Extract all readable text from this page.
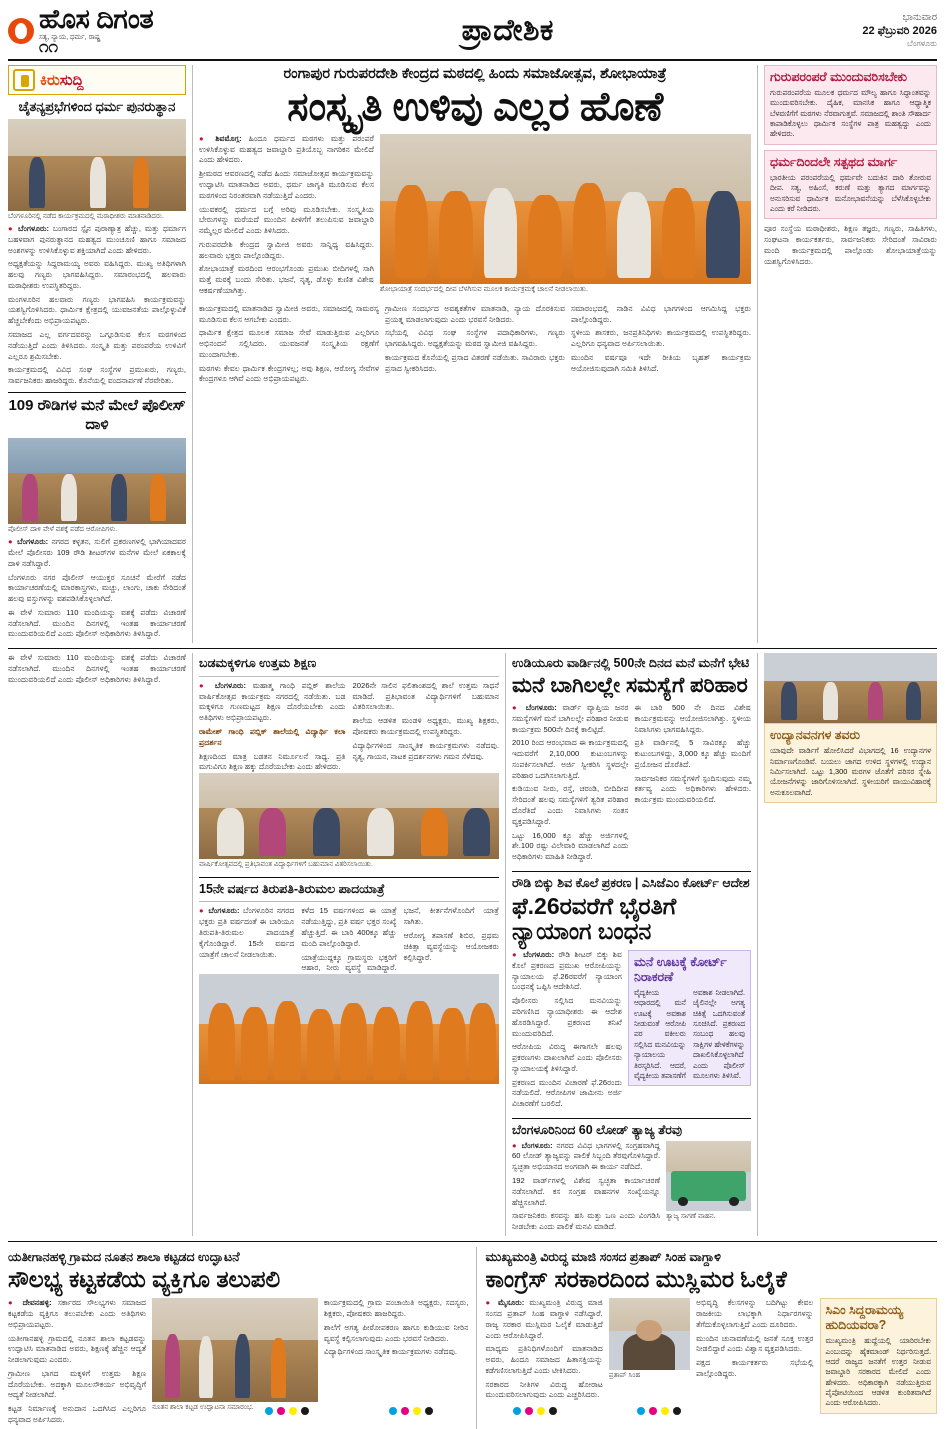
ಹೊಸ ದಿಗಂತ
ಸತ್ಯ, ನ್ಯಾಯ, ಧರ್ಮ, ರಾಷ್ಟ್ರ
೧೧	ಪ್ರಾದೇಶಿಕ	ಭಾನುವಾರ
22 ಫೆಬ್ರುವರಿ 2026
ಬೆಂಗಳೂರು
ಕಿರುಸುದ್ದಿ
ಚೈತನ್ಯಪ್ರಭೆಗಳಿಂದ ಧರ್ಮ ಪುನರುತ್ಥಾನ
ಬೆಂಗಳೂರಿನಲ್ಲಿ ನಡೆದ ಕಾರ್ಯಕ್ರಮದಲ್ಲಿ ಮಠಾಧೀಶರು ಮಾತನಾಡಿದರು.

● ಬೆಂಗಳೂರು: ಬಂಗಾರದ ಸ್ಪೈನ ಪುರಾಣ್ಯಾತ್ರ ಹೆಚ್ಚು, ಮತ್ತು ಧರ್ಮಾಗ ಬಹಳವಾಗ ಪುನರುತ್ಥಾನದ ಮಹತ್ವದ ಮುಂಚೂಣಿ ಹಾಗೂ ಸಮಾಜದ ಅಂಶಗಳನ್ನು ಉಳಿಸಿಕೊಳ್ಳುವ ಶಕ್ತಿಯಾಗಿದೆ ಎಂದು ಹೇಳಿದರು.

ಅಧ್ಯಕ್ಷತೆಯನ್ನು ಸಿದ್ದರಾಮಯ್ಯ ಅವರು ವಹಿಸಿದ್ದರು. ಮುಖ್ಯ ಅತಿಥಿಗಳಾಗಿ ಹಲವು ಗಣ್ಯರು ಭಾಗವಹಿಸಿದ್ದರು. ಸಮಾರಂಭದಲ್ಲಿ ಹಲವಾರು ಮಠಾಧೀಶರು ಉಪಸ್ಥಿತರಿದ್ದರು.

ಮಂಗಳೂರಿನ ಹಲವಾರು ಗಣ್ಯರು ಭಾಗವಹಿಸಿ ಕಾರ್ಯಕ್ರಮವನ್ನು ಯಶಸ್ವಿಗೊಳಿಸಿದರು. ಧಾರ್ಮಿಕ ಕ್ಷೇತ್ರದಲ್ಲಿ ಯುವಜನತೆಯ ಪಾಲ್ಗೊಳ್ಳುವಿಕೆ ಹೆಚ್ಚಬೇಕೆಂದು ಅಭಿಪ್ರಾಯಪಟ್ಟರು.

ಸಮಾಜದ ಎಲ್ಲ ವರ್ಗದವರನ್ನು ಒಗ್ಗೂಡಿಸುವ ಕೆಲಸ ಮಠಗಳಿಂದ ನಡೆಯುತ್ತಿದೆ ಎಂದು ತಿಳಿಸಿದರು. ಸಂಸ್ಕೃತಿ ಮತ್ತು ಪರಂಪರೆಯ ಉಳಿವಿಗೆ ಎಲ್ಲರೂ ಶ್ರಮಿಸಬೇಕು.

ಕಾರ್ಯಕ್ರಮದಲ್ಲಿ ವಿವಿಧ ಸಂಘ ಸಂಸ್ಥೆಗಳ ಪ್ರಮುಖರು, ಗಣ್ಯರು, ಸಾರ್ವಜನಿಕರು ಹಾಜರಿದ್ದರು. ಕೊನೆಯಲ್ಲಿ ವಂದನಾರ್ಪಣೆ ನೆರವೇರಿತು.

109 ರೌಡಿಗಳ ಮನೆ ಮೇಲೆ ಪೊಲೀಸ್ ದಾಳಿ
ಪೊಲೀಸ್ ದಾಳಿ ವೇಳೆ ವಶಕ್ಕೆ ಪಡೆದ ಆರೋಪಿಗಳು.

● ಬೆಂಗಳೂರು: ನಗರದ ಕಳ್ಳತನ, ಸುಲಿಗೆ ಪ್ರಕರಣಗಳಲ್ಲಿ ಭಾಗಿಯಾದವರ ಮೇಲೆ ಪೊಲೀಸರು 109 ರೌಡಿ ಶೀಟರ್‌ಗಳ ಮನೆಗಳ ಮೇಲೆ ಏಕಕಾಲಕ್ಕೆ ದಾಳಿ ನಡೆಸಿದ್ದಾರೆ.

ಬೆಂಗಳೂರು ನಗರ ಪೊಲೀಸ್ ಆಯುಕ್ತರ ಸೂಚನೆ ಮೇರೆಗೆ ನಡೆದ ಕಾರ್ಯಾಚರಣೆಯಲ್ಲಿ ಮಾರಕಾಸ್ತ್ರಗಳು, ಮಚ್ಚು, ಲಾಂಗು, ಚಾಕು ಸೇರಿದಂತೆ ಹಲವು ವಸ್ತುಗಳನ್ನು ವಶಪಡಿಸಿಕೊಳ್ಳಲಾಗಿದೆ.

ಈ ವೇಳೆ ಸುಮಾರು 110 ಮಂದಿಯನ್ನು ವಶಕ್ಕೆ ಪಡೆದು ವಿಚಾರಣೆ ನಡೆಸಲಾಗಿದೆ. ಮುಂದಿನ ದಿನಗಳಲ್ಲಿ ಇಂತಹ ಕಾರ್ಯಾಚರಣೆ ಮುಂದುವರಿಯಲಿದೆ ಎಂದು ಪೊಲೀಸ್ ಅಧಿಕಾರಿಗಳು ತಿಳಿಸಿದ್ದಾರೆ.

ರಂಗಾಪುರ ಗುರುಪರದೇಶಿ ಕೇಂದ್ರದ ಮಠದಲ್ಲಿ ಹಿಂದು ಸಮಾಜೋತ್ಸವ, ಶೋಭಾಯಾತ್ರೆ
ಸಂಸ್ಕೃತಿ ಉಳಿವು ಎಲ್ಲರ ಹೊಣೆ

● ಶಿವಮೊಗ್ಗ: ಹಿಂದೂ ಧರ್ಮದ ಮಠಗಳು ಮತ್ತು ಪರಂಪರೆ ಉಳಿಸಿಕೊಳ್ಳುವ ಮಹತ್ವದ ಜವಾಬ್ದಾರಿ ಪ್ರತಿಯೊಬ್ಬ ನಾಗರಿಕನ ಮೇಲಿದೆ ಎಂದು ಹೇಳಿದರು.

ಶ್ರೀಮಠದ ಆವರಣದಲ್ಲಿ ನಡೆದ ಹಿಂದು ಸಮಾಜೋತ್ಸವ ಕಾರ್ಯಕ್ರಮವನ್ನು ಉದ್ಘಾಟಿಸಿ ಮಾತನಾಡಿದ ಅವರು, ಧರ್ಮ ಜಾಗೃತಿ ಮೂಡಿಸುವ ಕೆಲಸ ಮಠಗಳಿಂದ ನಿರಂತರವಾಗಿ ನಡೆಯುತ್ತಿದೆ ಎಂದರು.

ಯುವಕರಲ್ಲಿ ಧರ್ಮದ ಬಗ್ಗೆ ಅರಿವು ಮೂಡಿಸಬೇಕು. ಸಂಸ್ಕೃತಿಯ ಬೇರುಗಳನ್ನು ಮರೆಯದೆ ಮುಂದಿನ ಪೀಳಿಗೆಗೆ ತಲುಪಿಸುವ ಜವಾಬ್ದಾರಿ ನಮ್ಮೆಲ್ಲರ ಮೇಲಿದೆ ಎಂದು ತಿಳಿಸಿದರು.

ಗುರುಪರದೇಶಿ ಕೇಂದ್ರದ ಸ್ವಾಮೀಜಿ ಅವರು ಸಾನ್ನಿಧ್ಯ ವಹಿಸಿದ್ದರು. ಹಲವಾರು ಭಕ್ತರು ಪಾಲ್ಗೊಂಡಿದ್ದರು.

ಶೋಭಾಯಾತ್ರೆ ಮಠದಿಂದ ಆರಂಭಗೊಂಡು ಪ್ರಮುಖ ಬೀದಿಗಳಲ್ಲಿ ಸಾಗಿ ಮತ್ತೆ ಮಠಕ್ಕೆ ಬಂದು ಸೇರಿತು. ಭಜನೆ, ನೃತ್ಯ, ಡೊಳ್ಳು ಕುಣಿತ ವಿಶೇಷ ಆಕರ್ಷಣೆಯಾಗಿತ್ತು.	ಶೋಭಾಯಾತ್ರೆ ಸಂದರ್ಭದಲ್ಲಿ ದೀಪ ಬೆಳಗಿಸುವ ಮೂಲಕ ಕಾರ್ಯಕ್ರಮಕ್ಕೆ ಚಾಲನೆ ನೀಡಲಾಯಿತು.

ಕಾರ್ಯಕ್ರಮದಲ್ಲಿ ಮಾತನಾಡಿದ ಸ್ವಾಮೀಜಿ ಅವರು, ಸಮಾಜದಲ್ಲಿ ಸಾಮರಸ್ಯ ಮೂಡಿಸುವ ಕೆಲಸ ಆಗಬೇಕು ಎಂದರು.

ಧಾರ್ಮಿಕ ಕ್ಷೇತ್ರದ ಮೂಲಕ ಸಮಾಜ ಸೇವೆ ಮಾಡುತ್ತಿರುವ ಎಲ್ಲರಿಗೂ ಅಭಿನಂದನೆ ಸಲ್ಲಿಸಿದರು. ಯುವಜನತೆ ಸಂಸ್ಕೃತಿಯ ರಕ್ಷಣೆಗೆ ಮುಂದಾಗಬೇಕು.

ಮಠಗಳು ಕೇವಲ ಧಾರ್ಮಿಕ ಕೇಂದ್ರಗಳಲ್ಲ; ಅವು ಶಿಕ್ಷಣ, ಆರೋಗ್ಯ ಸೇವೆಗಳ ಕೇಂದ್ರಗಳೂ ಆಗಿವೆ ಎಂದು ಅಭಿಪ್ರಾಯಪಟ್ಟರು.

ಗ್ರಾಮೀಣ ಸಂದರ್ಭದ ಅವಶ್ಯಕತೆಗಳ ಮಾತನಾಡಿ, ನ್ಯಾಯ ದೊರಕಿಸುವ ಪ್ರಯತ್ನ ಮಾಡಲಾಗುವುದು ಎಂದು ಭರವಸೆ ನೀಡಿದರು.

ಸಭೆಯಲ್ಲಿ ವಿವಿಧ ಸಂಘ ಸಂಸ್ಥೆಗಳ ಪದಾಧಿಕಾರಿಗಳು, ಗಣ್ಯರು ಭಾಗವಹಿಸಿದ್ದರು. ಅಧ್ಯಕ್ಷತೆಯನ್ನು ಮಠದ ಸ್ವಾಮೀಜಿ ವಹಿಸಿದ್ದರು.

ಕಾರ್ಯಕ್ರಮದ ಕೊನೆಯಲ್ಲಿ ಪ್ರಸಾದ ವಿತರಣೆ ನಡೆಯಿತು. ಸಾವಿರಾರು ಭಕ್ತರು ಪ್ರಸಾದ ಸ್ವೀಕರಿಸಿದರು.

ಸಮಾರಂಭದಲ್ಲಿ ನಾಡಿನ ವಿವಿಧ ಭಾಗಗಳಿಂದ ಆಗಮಿಸಿದ್ದ ಭಕ್ತರು ಪಾಲ್ಗೊಂಡಿದ್ದರು.

ಸ್ಥಳೀಯ ಶಾಸಕರು, ಜನಪ್ರತಿನಿಧಿಗಳು ಕಾರ್ಯಕ್ರಮದಲ್ಲಿ ಉಪಸ್ಥಿತರಿದ್ದರು. ಎಲ್ಲರಿಗೂ ಧನ್ಯವಾದ ಅರ್ಪಿಸಲಾಯಿತು.

ಮುಂದಿನ ವರ್ಷವೂ ಇದೇ ರೀತಿಯ ಬೃಹತ್ ಕಾರ್ಯಕ್ರಮ ಆಯೋಜಿಸುವುದಾಗಿ ಸಮಿತಿ ತಿಳಿಸಿದೆ.

ಗುರುಪರಂಪರೆ ಮುಂದುವರಿಸಬೇಕು
ಗುರುಪರಂಪರೆಯ ಮೂಲಕ ಧರ್ಮದ ಮೌಲ್ಯ ಹಾಗೂ ಸಿದ್ಧಾಂತವನ್ನು ಮುಂದುವರಿಸಬೇಕು. ದೈಹಿಕ, ಮಾನಸಿಕ ಹಾಗೂ ಆಧ್ಯಾತ್ಮಿಕ ಬೆಳವಣಿಗೆಗೆ ಮಠಗಳು ನೆರವಾಗುತ್ತವೆ. ಸಮಾಜದಲ್ಲಿ ಶಾಂತಿ ಸೌಹಾರ್ದ ಕಾಪಾಡಿಕೊಳ್ಳಲು ಧಾರ್ಮಿಕ ಸಂಸ್ಥೆಗಳ ಪಾತ್ರ ಮಹತ್ವದ್ದು ಎಂದು ಹೇಳಿದರು.
ಧರ್ಮದಿಂದಲೇ ಸತ್ಪಥದ ಮಾರ್ಗ
ಭಾರತೀಯ ಪರಂಪರೆಯಲ್ಲಿ ಧರ್ಮವೇ ಬದುಕಿನ ದಾರಿ ತೋರುವ ದೀಪ. ಸತ್ಯ, ಅಹಿಂಸೆ, ಕರುಣೆ ಮತ್ತು ತ್ಯಾಗದ ಮಾರ್ಗವನ್ನು ಅನುಸರಿಸುವ ಧಾರ್ಮಿಕ ಮನೋಭಾವನೆಯನ್ನು ಬೆಳೆಸಿಕೊಳ್ಳಬೇಕು ಎಂದು ಕರೆ ನೀಡಿದರು.

ಪೂರ ಸಂಸ್ಥೆಯ ಮಠಾಧೀಶರು, ಶಿಕ್ಷಣ ತಜ್ಞರು, ಗಣ್ಯರು, ಸಾಹಿತಿಗಳು, ಸಂಘಟನಾ ಕಾರ್ಯಕರ್ತರು, ಸಾರ್ವಜನಿಕರು ಸೇರಿದಂತೆ ಸಾವಿರಾರು ಮಂದಿ ಕಾರ್ಯಕ್ರಮದಲ್ಲಿ ಪಾಲ್ಗೊಂಡು ಶೋಭಾಯಾತ್ರೆಯನ್ನು ಯಶಸ್ವಿಗೊಳಿಸಿದರು.

ಈ ವೇಳೆ ಸುಮಾರು 110 ಮಂದಿಯನ್ನು ವಶಕ್ಕೆ ಪಡೆದು ವಿಚಾರಣೆ ನಡೆಸಲಾಗಿದೆ. ಮುಂದಿನ ದಿನಗಳಲ್ಲಿ ಇಂತಹ ಕಾರ್ಯಾಚರಣೆ ಮುಂದುವರಿಯಲಿದೆ ಎಂದು ಪೊಲೀಸ್ ಅಧಿಕಾರಿಗಳು ತಿಳಿಸಿದ್ದಾರೆ.

ಬಡಮಕ್ಕಳಿಗೂ ಉತ್ತಮ ಶಿಕ್ಷಣ

● ಬೆಂಗಳೂರು: ಮಹಾತ್ಮ ಗಾಂಧಿ ಪಬ್ಲಿಕ್ ಶಾಲೆಯ ವಾರ್ಷಿಕೋತ್ಸವ ಕಾರ್ಯಕ್ರಮ ನಗರದಲ್ಲಿ ನಡೆಯಿತು. ಬಡ ಮಕ್ಕಳಿಗೂ ಗುಣಮಟ್ಟದ ಶಿಕ್ಷಣ ದೊರೆಯಬೇಕು ಎಂದು ಅತಿಥಿಗಳು ಅಭಿಪ್ರಾಯಪಟ್ಟರು.

ರಾಮೇಶ್ ಗಾಂಧಿ ಪಬ್ಲಿಕ್ ಶಾಲೆಯಲ್ಲಿ ವಿದ್ಯಾರ್ಥಿ ಕಲಾ ಪ್ರದರ್ಶನ

ಶಿಕ್ಷಣದಿಂದ ಮಾತ್ರ ಬಡತನ ನಿರ್ಮೂಲನೆ ಸಾಧ್ಯ. ಪ್ರತಿ ಮಗುವಿಗೂ ಶಿಕ್ಷಣ ಹಕ್ಕು ದೊರೆಯಬೇಕು ಎಂದು ಹೇಳಿದರು.

2026ನೇ ಸಾಲಿನ ಫಲಿತಾಂಶದಲ್ಲಿ ಶಾಲೆ ಉತ್ತಮ ಸಾಧನೆ ಮಾಡಿದೆ. ಪ್ರತಿಭಾವಂತ ವಿದ್ಯಾರ್ಥಿಗಳಿಗೆ ಬಹುಮಾನ ವಿತರಿಸಲಾಯಿತು.

ಶಾಲೆಯ ಆಡಳಿತ ಮಂಡಳಿ ಅಧ್ಯಕ್ಷರು, ಮುಖ್ಯ ಶಿಕ್ಷಕರು, ಪೋಷಕರು ಕಾರ್ಯಕ್ರಮದಲ್ಲಿ ಉಪಸ್ಥಿತರಿದ್ದರು.

ವಿದ್ಯಾರ್ಥಿಗಳಿಂದ ಸಾಂಸ್ಕೃತಿಕ ಕಾರ್ಯಕ್ರಮಗಳು ನಡೆದವು. ನೃತ್ಯ, ಗಾಯನ, ನಾಟಕ ಪ್ರದರ್ಶನಗಳು ಗಮನ ಸೆಳೆದವು.

ವಾರ್ಷಿಕೋತ್ಸವದಲ್ಲಿ ಪ್ರತಿಭಾವಂತ ವಿದ್ಯಾರ್ಥಿಗಳಿಗೆ ಬಹುಮಾನ ವಿತರಿಸಲಾಯಿತು.
15ನೇ ವರ್ಷದ ತಿರುಪತಿ-ತಿರುಮಲ ಪಾದಯಾತ್ರೆ

● ಬೆಂಗಳೂರು: ಬೆಂಗಳೂರಿನ ನಗರದ ಭಕ್ತರು ಪ್ರತಿ ವರ್ಷದಂತೆ ಈ ಬಾರಿಯೂ ತಿರುಪತಿ-ತಿರುಮಲ ಪಾದಯಾತ್ರೆ ಕೈಗೊಂಡಿದ್ದಾರೆ. 15ನೇ ವರ್ಷದ ಯಾತ್ರೆಗೆ ಚಾಲನೆ ನೀಡಲಾಯಿತು.

ಕಳೆದ 15 ವರ್ಷಗಳಿಂದ ಈ ಯಾತ್ರೆ ನಡೆಯುತ್ತಿದ್ದು, ಪ್ರತಿ ವರ್ಷ ಭಕ್ತರ ಸಂಖ್ಯೆ ಹೆಚ್ಚುತ್ತಿದೆ. ಈ ಬಾರಿ 400ಕ್ಕೂ ಹೆಚ್ಚು ಮಂದಿ ಪಾಲ್ಗೊಂಡಿದ್ದಾರೆ.

ಯಾತ್ರೆಯುದ್ದಕ್ಕೂ ಗ್ರಾಮಸ್ಥರು ಭಕ್ತರಿಗೆ ಆಹಾರ, ನೀರು ವ್ಯವಸ್ಥೆ ಮಾಡಿದ್ದಾರೆ. ಭಜನೆ, ಕೀರ್ತನೆಗಳೊಂದಿಗೆ ಯಾತ್ರೆ ಸಾಗಿತು.

ಆರೋಗ್ಯ ತಪಾಸಣೆ ಶಿಬಿರ, ಪ್ರಥಮ ಚಿಕಿತ್ಸಾ ವ್ಯವಸ್ಥೆಯನ್ನು ಆಯೋಜಕರು ಕಲ್ಪಿಸಿದ್ದಾರೆ.

ಉಡಿಯೂರು ವಾರ್ಡಿನಲ್ಲಿ 500ನೇ ದಿನದ ಮನೆ ಮನೆಗೆ ಭೇಟಿ
ಮನೆ ಬಾಗಿಲಲ್ಲೇ ಸಮಸ್ಯೆಗೆ ಪರಿಹಾರ

● ಬೆಂಗಳೂರು: ವಾರ್ಡ್ ವ್ಯಾಪ್ತಿಯ ಜನರ ಸಮಸ್ಯೆಗಳಿಗೆ ಮನೆ ಬಾಗಿಲಲ್ಲೇ ಪರಿಹಾರ ನೀಡುವ ಕಾರ್ಯಕ್ರಮ 500ನೇ ದಿನಕ್ಕೆ ಕಾಲಿಟ್ಟಿದೆ.

2010 ರಿಂದ ಆರಂಭವಾದ ಈ ಕಾರ್ಯಕ್ರಮದಲ್ಲಿ ಇದುವರೆಗೆ 2,10,000 ಕುಟುಂಬಗಳನ್ನು ಸಂಪರ್ಕಿಸಲಾಗಿದೆ. ಅರ್ಜಿ ಸ್ವೀಕರಿಸಿ ಸ್ಥಳದಲ್ಲೇ ಪರಿಹಾರ ಒದಗಿಸಲಾಗುತ್ತಿದೆ.

ಕುಡಿಯುವ ನೀರು, ರಸ್ತೆ, ಚರಂಡಿ, ಬೀದಿದೀಪ ಸೇರಿದಂತೆ ಹಲವು ಸಮಸ್ಯೆಗಳಿಗೆ ತ್ವರಿತ ಪರಿಹಾರ ದೊರೆತಿದೆ ಎಂದು ನಿವಾಸಿಗಳು ಸಂತಸ ವ್ಯಕ್ತಪಡಿಸಿದ್ದಾರೆ.

ಒಟ್ಟು 16,000 ಕ್ಕೂ ಹೆಚ್ಚು ಅರ್ಜಿಗಳಲ್ಲಿ ಶೇ.100 ರಷ್ಟು ವಿಲೇವಾರಿ ಮಾಡಲಾಗಿದೆ ಎಂದು ಅಧಿಕಾರಿಗಳು ಮಾಹಿತಿ ನೀಡಿದ್ದಾರೆ.

ಈ ಬಾರಿ 500 ನೇ ದಿನದ ವಿಶೇಷ ಕಾರ್ಯಕ್ರಮವನ್ನು ಆಯೋಜಿಸಲಾಗಿತ್ತು. ಸ್ಥಳೀಯ ನಿವಾಸಿಗಳು ಭಾಗವಹಿಸಿದ್ದರು.

ಪ್ರತಿ ವಾರ್ಡಿನಲ್ಲಿ 5 ಸಾವಿರಕ್ಕೂ ಹೆಚ್ಚು ಕುಟುಂಬಗಳಿದ್ದು, 3,000 ಕ್ಕೂ ಹೆಚ್ಚು ಮಂದಿಗೆ ಪ್ರಯೋಜನ ದೊರೆತಿದೆ.

ಸಾರ್ವಜನಿಕರ ಸಮಸ್ಯೆಗಳಿಗೆ ಸ್ಪಂದಿಸುವುದು ನಮ್ಮ ಕರ್ತವ್ಯ ಎಂದು ಅಧಿಕಾರಿಗಳು ಹೇಳಿದರು. ಕಾರ್ಯಕ್ರಮ ಮುಂದುವರಿಯಲಿದೆ.

ರೌಡಿ ಬಿಕ್ಕು ಶಿವ ಕೊಲೆ ಪ್ರಕರಣ | ಎಸಿಜೆಎಂ ಕೋರ್ಟ್ ಆದೇಶ
ಫೆ.26ರವರೆಗೆ ಭೈರತಿಗೆ ನ್ಯಾಯಾಂಗ ಬಂಧನ

● ಬೆಂಗಳೂರು: ರೌಡಿ ಶೀಟರ್ ಬಿಕ್ಕು ಶಿವ ಕೊಲೆ ಪ್ರಕರಣದ ಪ್ರಮುಖ ಆರೋಪಿಯನ್ನು ನ್ಯಾಯಾಲಯ ಫೆ.26ರವರೆಗೆ ನ್ಯಾಯಾಂಗ ಬಂಧನಕ್ಕೆ ಒಪ್ಪಿಸಿ ಆದೇಶಿಸಿದೆ.

ಪೊಲೀಸರು ಸಲ್ಲಿಸಿದ ಮನವಿಯನ್ನು ಪರಿಗಣಿಸಿದ ನ್ಯಾಯಾಧೀಶರು ಈ ಆದೇಶ ಹೊರಡಿಸಿದ್ದಾರೆ. ಪ್ರಕರಣದ ತನಿಖೆ ಮುಂದುವರಿದಿದೆ.

ಆರೋಪಿಯ ವಿರುದ್ಧ ಈಗಾಗಲೇ ಹಲವು ಪ್ರಕರಣಗಳು ದಾಖಲಾಗಿವೆ ಎಂದು ಪೊಲೀಸರು ನ್ಯಾಯಾಲಯಕ್ಕೆ ತಿಳಿಸಿದ್ದಾರೆ.

ಪ್ರಕರಣದ ಮುಂದಿನ ವಿಚಾರಣೆ ಫೆ.26ರಂದು ನಡೆಯಲಿದೆ. ಆರೋಪಿಗಳ ಜಾಮೀನು ಅರ್ಜಿ ವಿಚಾರಣೆಗೆ ಬರಲಿದೆ.

ಮನೆ ಊಟಕ್ಕೆ ಕೋರ್ಟ್ ನಿರಾಕರಣೆ
ವೈದ್ಯಕೀಯ ಆಧಾರದಲ್ಲಿ ಮನೆ ಊಟಕ್ಕೆ ಅವಕಾಶ ನೀಡುವಂತೆ ಆರೋಪಿ ಪರ ವಕೀಲರು ಸಲ್ಲಿಸಿದ ಮನವಿಯನ್ನು ನ್ಯಾಯಾಲಯ ತಿರಸ್ಕರಿಸಿದೆ. ಆದರೆ, ವೈದ್ಯಕೀಯ ತಪಾಸಣೆಗೆ ಅವಕಾಶ ನೀಡಲಾಗಿದೆ. ಜೈಲಿನಲ್ಲೇ ಅಗತ್ಯ ಚಿಕಿತ್ಸೆ ಒದಗಿಸುವಂತೆ ಸೂಚಿಸಿದೆ. ಪ್ರಕರಣದ ಸಂಬಂಧ ಹಲವು ಸಾಕ್ಷಿಗಳ ಹೇಳಿಕೆಗಳನ್ನು ದಾಖಲಿಸಿಕೊಳ್ಳಲಾಗಿದೆ ಎಂದು ಪೊಲೀಸ್ ಮೂಲಗಳು ತಿಳಿಸಿವೆ.
ಬೆಂಗಳೂರಿನಿಂದ 60 ಲೋಡ್ ತ್ಯಾಜ್ಯ ತೆರವು

● ಬೆಂಗಳೂರು: ನಗರದ ವಿವಿಧ ಭಾಗಗಳಲ್ಲಿ ಸಂಗ್ರಹವಾಗಿದ್ದ 60 ಲೋಡ್ ತ್ಯಾಜ್ಯವನ್ನು ಪಾಲಿಕೆ ಸಿಬ್ಬಂದಿ ತೆರವುಗೊಳಿಸಿದ್ದಾರೆ. ಸ್ವಚ್ಛತಾ ಅಭಿಯಾನದ ಅಂಗವಾಗಿ ಈ ಕಾರ್ಯ ನಡೆದಿದೆ.

192 ವಾರ್ಡ್‌ಗಳಲ್ಲಿ ವಿಶೇಷ ಸ್ವಚ್ಛತಾ ಕಾರ್ಯಾಚರಣೆ ನಡೆಸಲಾಗಿದೆ. ಕಸ ಸಂಗ್ರಹ ವಾಹನಗಳ ಸಂಖ್ಯೆಯನ್ನೂ ಹೆಚ್ಚಿಸಲಾಗಿದೆ.

ಸಾರ್ವಜನಿಕರು ಕಸವನ್ನು ಹಸಿ ಮತ್ತು ಒಣ ಎಂದು ವಿಂಗಡಿಸಿ ನೀಡಬೇಕು ಎಂದು ಪಾಲಿಕೆ ಮನವಿ ಮಾಡಿದೆ.

ತ್ಯಾಜ್ಯ ಸಾಗಣೆ ವಾಹನ.
ಉದ್ಯಾನವನಗಳ ತವರು
ಯಾವುದೇ ವಾರ್ಡಿಗೆ ಹೋಲಿಸಿದರೆ ವಿಭಾಗದಲ್ಲಿ 16 ಉದ್ಯಾನಗಳ ನಿರ್ಮಾಣಗೊಂಡಿವೆ. ಬಯಲು ಜಾಗದ ಉಳಿದ ಸ್ಥಳಗಳಲ್ಲಿ ಉದ್ಯಾನ ನಿರ್ಮಿಸಲಾಗಿದೆ. ಒಟ್ಟು 1,300 ಮರಗಳ ಜೊತೆಗೆ ಪರಿಸರ ಸ್ನೇಹಿ ಯೋಜನೆಗಳನ್ನು ಜಾರಿಗೊಳಿಸಲಾಗಿದೆ. ಸ್ಥಳೀಯರಿಗೆ ವಾಯುವಿಹಾರಕ್ಕೆ ಅನುಕೂಲವಾಗಿದೆ.
ಯತೀಗಾನಹಳ್ಳಿ ಗ್ರಾಮದ ನೂತನ ಶಾಲಾ ಕಟ್ಟಡದ ಉದ್ಘಾಟನೆ
ಸೌಲಭ್ಯ ಕಟ್ಟಕಡೆಯ ವ್ಯಕ್ತಿಗೂ ತಲುಪಲಿ

● ದೇವನಹಳ್ಳಿ: ಸರ್ಕಾರದ ಸೌಲಭ್ಯಗಳು ಸಮಾಜದ ಕಟ್ಟಕಡೆಯ ವ್ಯಕ್ತಿಗೂ ತಲುಪಬೇಕು ಎಂದು ಅತಿಥಿಗಳು ಅಭಿಪ್ರಾಯಪಟ್ಟರು.

ಯತೀಗಾನಹಳ್ಳಿ ಗ್ರಾಮದಲ್ಲಿ ನೂತನ ಶಾಲಾ ಕಟ್ಟಡವನ್ನು ಉದ್ಘಾಟಿಸಿ ಮಾತನಾಡಿದ ಅವರು, ಶಿಕ್ಷಣಕ್ಕೆ ಹೆಚ್ಚಿನ ಆದ್ಯತೆ ನೀಡಲಾಗುವುದು ಎಂದರು.

ಗ್ರಾಮೀಣ ಭಾಗದ ಮಕ್ಕಳಿಗೆ ಉತ್ತಮ ಶಿಕ್ಷಣ ದೊರೆಯಬೇಕು. ಅದಕ್ಕಾಗಿ ಮೂಲಸೌಕರ್ಯ ಅಭಿವೃದ್ಧಿಗೆ ಆದ್ಯತೆ ನೀಡಲಾಗಿದೆ.

ಕಟ್ಟಡ ನಿರ್ಮಾಣಕ್ಕೆ ಅನುದಾನ ಒದಗಿಸಿದ ಎಲ್ಲರಿಗೂ ಧನ್ಯವಾದ ಅರ್ಪಿಸಿದರು.

ನೂತನ ಶಾಲಾ ಕಟ್ಟಡ ಉದ್ಘಾಟನಾ ಸಮಾರಂಭ.

ಕಾರ್ಯಕ್ರಮದಲ್ಲಿ ಗ್ರಾಮ ಪಂಚಾಯಿತಿ ಅಧ್ಯಕ್ಷರು, ಸದಸ್ಯರು, ಶಿಕ್ಷಕರು, ಪೋಷಕರು ಹಾಜರಿದ್ದರು.

ಶಾಲೆಗೆ ಅಗತ್ಯ ಪೀಠೋಪಕರಣ ಹಾಗೂ ಕುಡಿಯುವ ನೀರಿನ ವ್ಯವಸ್ಥೆ ಕಲ್ಪಿಸಲಾಗುವುದು ಎಂದು ಭರವಸೆ ನೀಡಿದರು.

ವಿದ್ಯಾರ್ಥಿಗಳಿಂದ ಸಾಂಸ್ಕೃತಿಕ ಕಾರ್ಯಕ್ರಮಗಳು ನಡೆದವು.

ಮುಖ್ಯಮಂತ್ರಿ ವಿರುದ್ಧ ಮಾಜಿ ಸಂಸದ ಪ್ರತಾಪ್ ಸಿಂಹ ವಾಗ್ದಾಳಿ
ಕಾಂಗ್ರೆಸ್ ಸರಕಾರದಿಂದ ಮುಸ್ಲಿಮರ ಓಲೈಕೆ

● ಮೈಸೂರು: ಮುಖ್ಯಮಂತ್ರಿ ವಿರುದ್ಧ ಮಾಜಿ ಸಂಸದ ಪ್ರತಾಪ್ ಸಿಂಹ ವಾಗ್ದಾಳಿ ನಡೆಸಿದ್ದಾರೆ. ರಾಜ್ಯ ಸರಕಾರ ಮುಸ್ಲಿಮರ ಓಲೈಕೆ ಮಾಡುತ್ತಿದೆ ಎಂದು ಆರೋಪಿಸಿದ್ದಾರೆ.

ಮಾಧ್ಯಮ ಪ್ರತಿನಿಧಿಗಳೊಂದಿಗೆ ಮಾತನಾಡಿದ ಅವರು, ಹಿಂದೂ ಸಮಾಜದ ಹಿತಾಸಕ್ತಿಯನ್ನು ಕಡೆಗಣಿಸಲಾಗುತ್ತಿದೆ ಎಂದು ಟೀಕಿಸಿದರು.

ಸರಕಾರದ ನೀತಿಗಳ ವಿರುದ್ಧ ಹೋರಾಟ ಮುಂದುವರಿಸಲಾಗುವುದು ಎಂದು ಎಚ್ಚರಿಸಿದರು.

ಪ್ರತಾಪ್ ಸಿಂಹ

ಅಭಿವೃದ್ಧಿ ಕೆಲಸಗಳನ್ನು ಬದಿಗಿಟ್ಟು ಕೇವಲ ರಾಜಕೀಯ ಲಾಭಕ್ಕಾಗಿ ನಿರ್ಧಾರಗಳನ್ನು ತೆಗೆದುಕೊಳ್ಳಲಾಗುತ್ತಿದೆ ಎಂದು ದೂರಿದರು.

ಮುಂದಿನ ಚುನಾವಣೆಯಲ್ಲಿ ಜನತೆ ಸೂಕ್ತ ಉತ್ತರ ನೀಡಲಿದ್ದಾರೆ ಎಂದು ವಿಶ್ವಾಸ ವ್ಯಕ್ತಪಡಿಸಿದರು.

ಪಕ್ಷದ ಕಾರ್ಯಕರ್ತರು ಸಭೆಯಲ್ಲಿ ಪಾಲ್ಗೊಂಡಿದ್ದರು.

ಸಿಎಂ ಸಿದ್ದರಾಮಯ್ಯ ಹುದಿಯವರಾ?
ಮುಖ್ಯಮಂತ್ರಿ ಹುದ್ದೆಯಲ್ಲಿ ಯಾರಿರಬೇಕು ಎಂಬುದನ್ನು ಹೈಕಮಾಂಡ್ ನಿರ್ಧರಿಸುತ್ತದೆ. ಆದರೆ ರಾಜ್ಯದ ಜನತೆಗೆ ಉತ್ತರ ನೀಡುವ ಜವಾಬ್ದಾರಿ ಸರಕಾರದ ಮೇಲಿದೆ ಎಂದು ಹೇಳಿದರು. ಅಧಿಕಾರಕ್ಕಾಗಿ ನಡೆಯುತ್ತಿರುವ ಪೈಪೋಟಿಯಿಂದ ಆಡಳಿತ ಕುಂಠಿತವಾಗಿದೆ ಎಂದು ಆರೋಪಿಸಿದರು.
